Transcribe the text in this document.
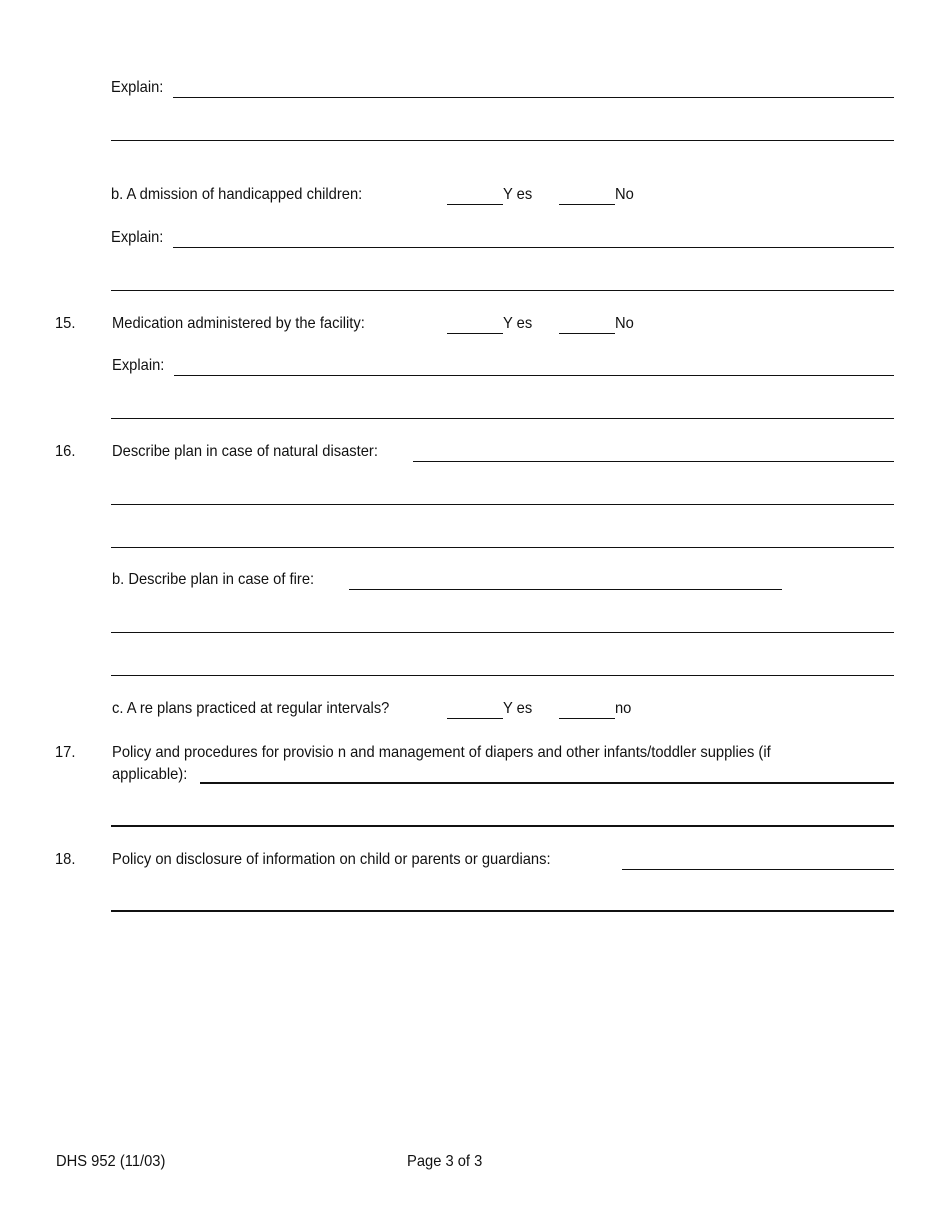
Explain:
b. A dmission of handicapped children:	Y es	No
Explain:
15. Medication administered by the facility:	Y es	No
Explain:
16. Describe plan in case of natural disaster:
b. Describe plan in case of fire:
c. A re plans practiced at regular intervals?	Y es	no
17. Policy and procedures for provisio n and management of diapers and other infants/toddler supplies (if
applicable):
18. Policy on disclosure of information on child or parents or guardians:
DHS 952 (11/03)	Page 3 of 3
